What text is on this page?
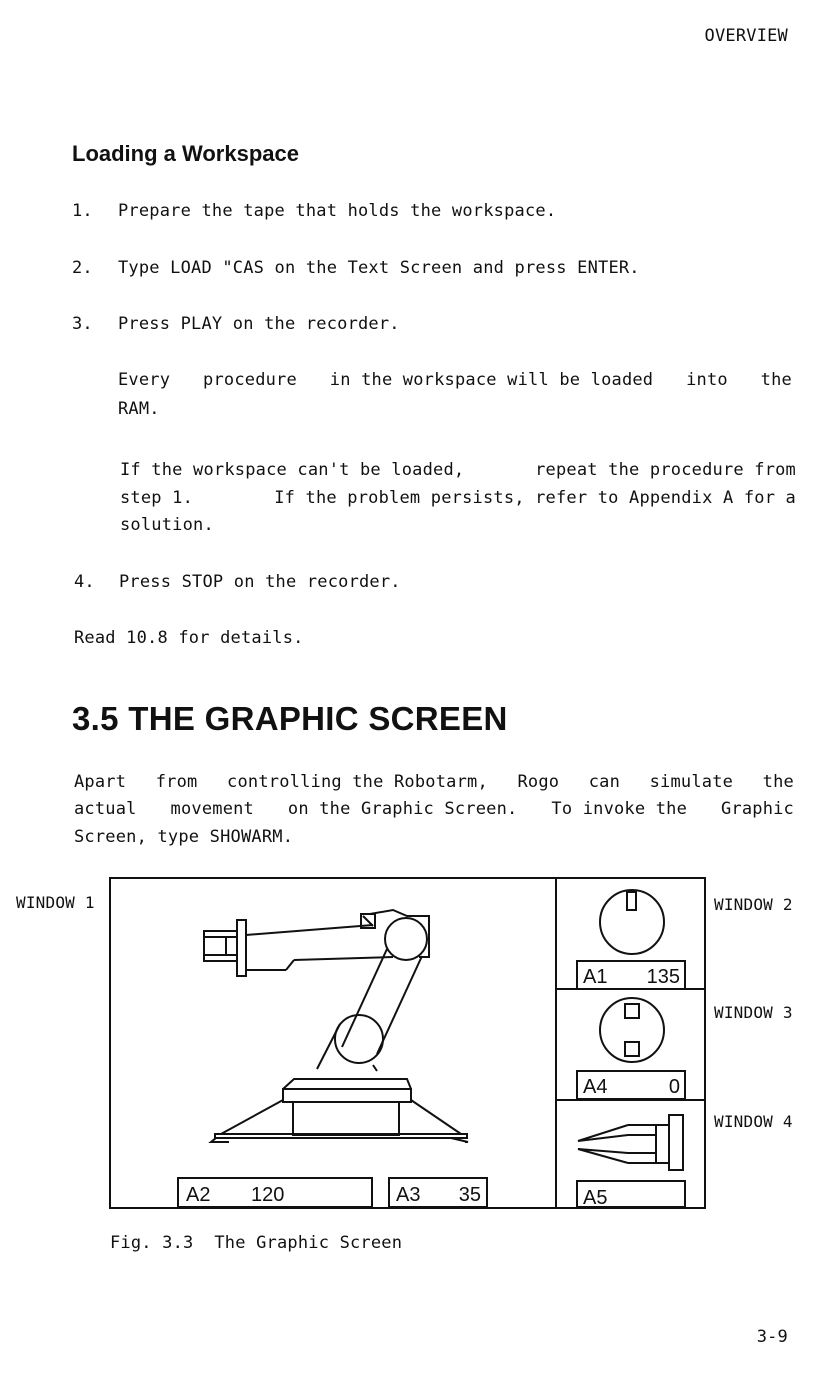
OVERVIEW
Loading a Workspace
1. Prepare the tape that holds the workspace.
2. Type LOAD "CAS on the Text Screen and press ENTER.
3. Press PLAY on the recorder.
Every procedure in the workspace will be loaded into the
RAM.
If the workspace can't be loaded,	repeat the procedure from
step 1.	If the problem persists, refer to Appendix A for a
solution.
4. Press STOP on the recorder.
Read 10.8 for details.
3.5 THE GRAPHIC SCREEN
Apart from controlling the Robotarm, Rogo can simulate the
actual movement on the Graphic Screen. To invoke the Graphic
Screen, type SHOWARM.
WINDOW 1	WINDOW 2
WINDOW 3
WINDOW 4
A2 120	A3 35
A1 135
A4	0
A5
Fig. 3.3  The Graphic Screen
3-9
